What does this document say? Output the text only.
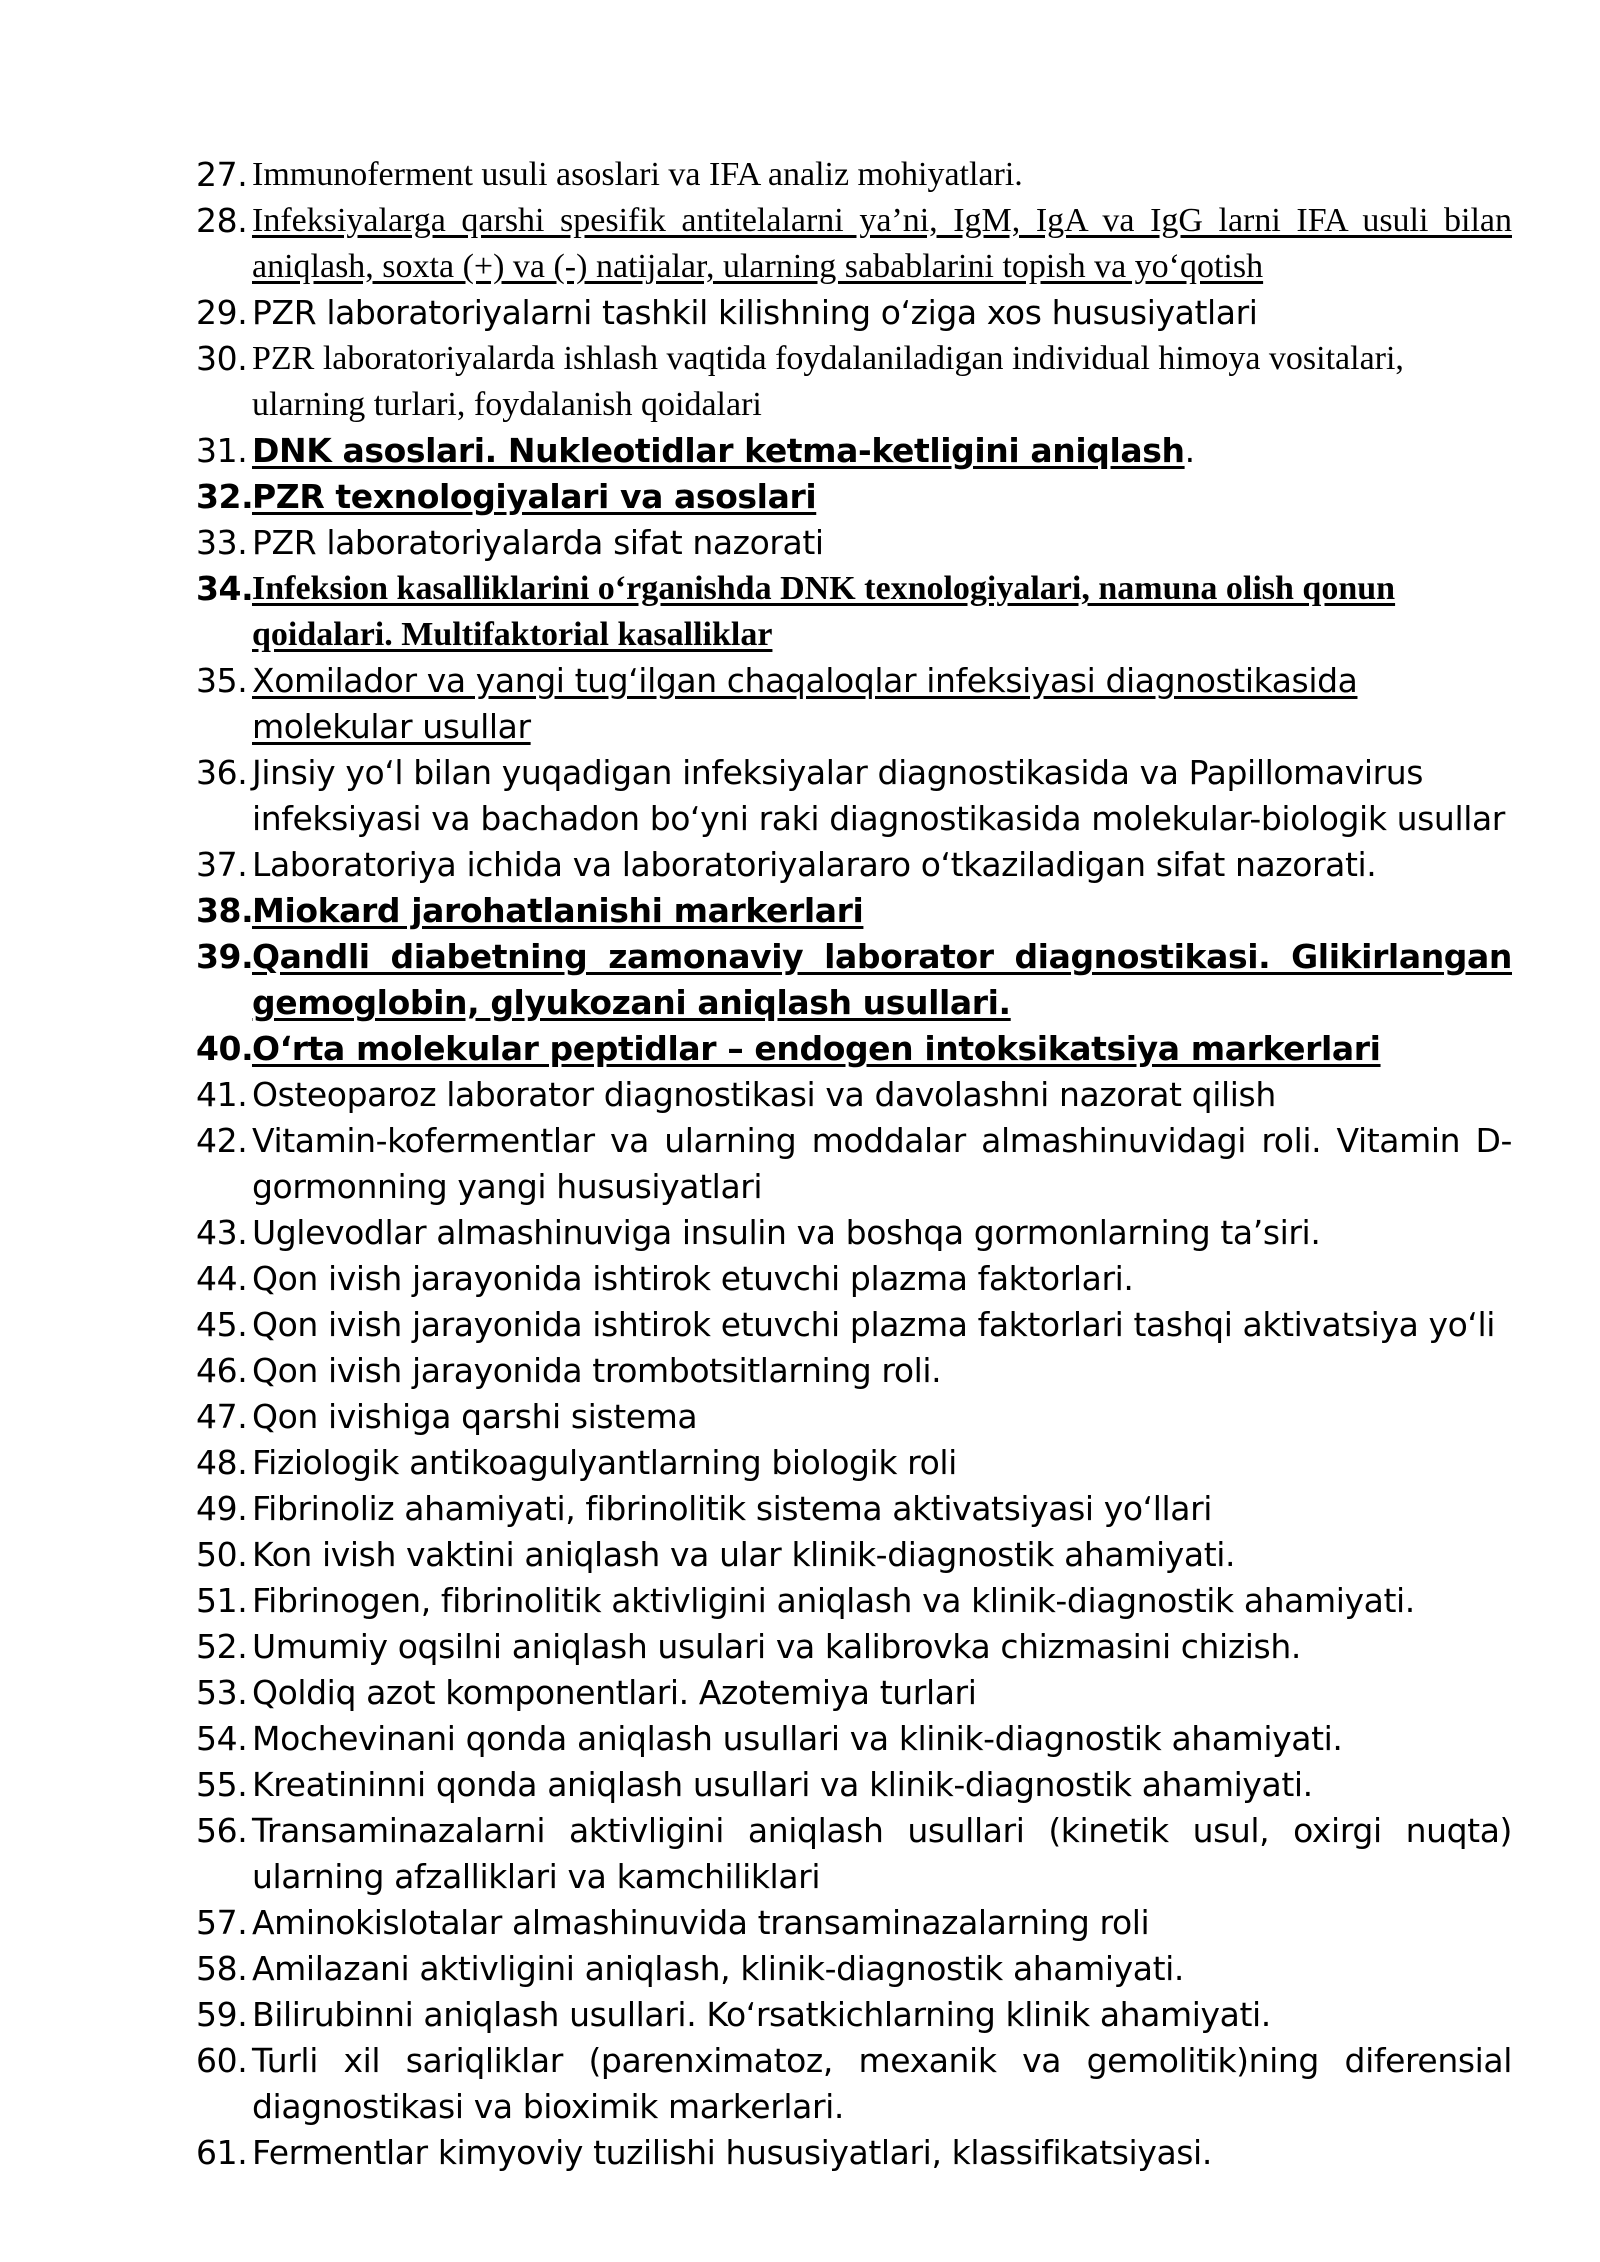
27. Immunoferment usuli asoslari va IFA analiz mohiyatlari.
28. Infeksiyalarga qarshi spesifik antitelalarni ya’ni, IgM, IgA va IgG larni IFA usuli bilan aniqlash, soxta (+) va (-) natijalar, ularning sabablarini topish va yo‘qotish
29. PZR laboratoriyalarni tashkil kilishning o‘ziga xos hususiyatlari
30. PZR laboratoriyalarda ishlash vaqtida foydalaniladigan individual himoya vositalari, ularning turlari, foydalanish qoidalari
31. DNK asoslari. Nukleotidlar ketma-ketligini aniqlash.
32.
PZR texnologiyalari va asoslari
33. PZR laboratoriyalarda sifat nazorati
34.
Infeksion kasalliklarini o‘rganishda DNK texnologiyalari, namuna olish qonun qoidalari. Multifaktorial kasalliklar
35. Xomilador va yangi tug‘ilgan chaqaloqlar infeksiyasi diagnostikasida molekular usullar
36. Jinsiy yo‘l bilan yuqadigan infeksiyalar diagnostikasida va Papillomavirus infeksiyasi va bachadon bo‘yni raki diagnostikasida molekular-biologik usullar
37. Laboratoriya ichida va laboratoriyalararo o‘tkaziladigan sifat nazorati.
38.
Miokard jarohatlanishi markerlari
39.
Qandli diabetning zamonaviy laborator diagnostikasi. Glikirlangan gemoglobin, glyukozani aniqlash usullari.
40.
O‘rta molekular peptidlar – endogen intoksikatsiya markerlari
41. Osteoparoz laborator diagnostikasi va davolashni nazorat qilish
42. Vitamin-kofermentlar va ularning moddalar almashinuvidagi roli. Vitamin D-gormonning yangi hususiyatlari
43. Uglevodlar almashinuviga insulin va boshqa gormonlarning ta’siri.
44. Qon ivish jarayonida ishtirok etuvchi plazma faktorlari.
45. Qon ivish jarayonida ishtirok etuvchi plazma faktorlari tashqi aktivatsiya yo‘li
46. Qon ivish jarayonida trombotsitlarning roli.
47. Qon ivishiga qarshi sistema
48. Fiziologik antikoagulyantlarning biologik roli
49. Fibrinoliz ahamiyati, fibrinolitik sistema aktivatsiyasi yo‘llari
50. Kon ivish vaktini aniqlash va ular klinik-diagnostik ahamiyati.
51. Fibrinogen, fibrinolitik aktivligini aniqlash va klinik-diagnostik ahamiyati.
52. Umumiy oqsilni aniqlash usulari va kalibrovka chizmasini chizish.
53. Qoldiq azot komponentlari. Azotemiya turlari
54. Mochevinani qonda aniqlash usullari va klinik-diagnostik ahamiyati.
55. Kreatininni qonda aniqlash usullari va klinik-diagnostik ahamiyati.
56. Transaminazalarni aktivligini aniqlash usullari (kinetik usul, oxirgi nuqta) ularning afzalliklari va kamchiliklari
57. Aminokislotalar almashinuvida transaminazalarning roli
58. Amilazani aktivligini aniqlash, klinik-diagnostik ahamiyati.
59. Bilirubinni aniqlash usullari. Ko‘rsatkichlarning klinik ahamiyati.
60. Turli xil sariqliklar (parenximatoz, mexanik va gemolitik)ning diferensial diagnostikasi va bioximik markerlari.
61. Fermentlar kimyoviy tuzilishi hususiyatlari, klassifikatsiyasi.
